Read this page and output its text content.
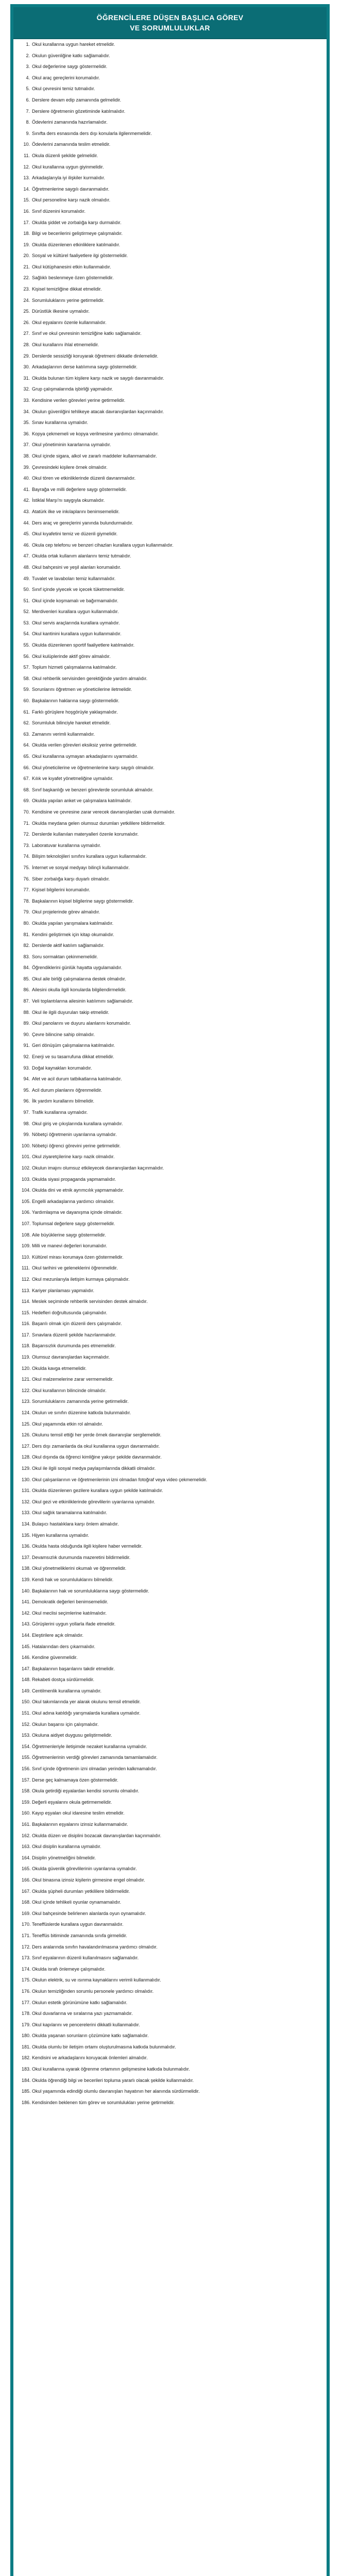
ÖĞRENCİLERE DÜŞEN BAŞLICA GÖREV
VE SORUMLULUKLAR
1. Okul kurallarına uygun hareket etmelidir.
2. Okulun güvenliğine katkı sağlamalıdır.
3. Okul değerlerine saygı göstermelidir.
4. Okul araç gereçlerini korumalıdır.
5. Okul çevresini temiz tutmalıdır.
6. Derslere devam edip zamanında gelmelidir.
7. Derslere öğretmenin gözetiminde katılmalıdır.
8. Ödevlerini zamanında hazırlamalıdır.
9. Sınıfta ders esnasında ders dışı konularla ilgilenmemelidir.
10. Ödevlerini zamanında teslim etmelidir.
11. Okula düzenli şekilde gelmelidir.
12. Okul kurallarına uygun giyinmelidir.
13. Arkadaşlarıyla iyi ilişkiler kurmalıdır.
14. Öğretmenlerine saygılı davranmalıdır.
15. Okul personeline karşı nazik olmalıdır.
16. Sınıf düzenini korumalıdır.
17. Okulda şiddet ve zorbalığa karşı durmalıdır.
18. Bilgi ve becerilerini geliştirmeye çalışmalıdır.
19. Okulda düzenlenen etkinliklere katılmalıdır.
20. Sosyal ve kültürel faaliyetlere ilgi göstermelidir.
21. Okul kütüphanesini etkin kullanmalıdır.
22. Sağlıklı beslenmeye özen göstermelidir.
23. Kişisel temizliğine dikkat etmelidir.
24. Sorumluluklarını yerine getirmelidir.
25. Dürüstlük ilkesine uymalıdır.
26. Okul eşyalarını özenle kullanmalıdır.
27. Sınıf ve okul çevresinin temizliğine katkı sağlamalıdır.
28. Okul kurallarını ihlal etmemelidir.
29. Derslerde sessizliği koruyarak öğretmeni dikkatle dinlemelidir.
30. Arkadaşlarının derse katılımına saygı göstermelidir.
31. Okulda bulunan tüm kişilere karşı nazik ve saygılı davranmalıdır.
32. Grup çalışmalarında işbirliği yapmalıdır.
33. Kendisine verilen görevleri yerine getirmelidir.
34. Okulun güvenliğini tehlikeye atacak davranışlardan kaçınmalıdır.
35. Sınav kurallarına uymalıdır.
36. Kopya çekmemeli ve kopya verilmesine yardımcı olmamalıdır.
37. Okul yönetiminin kararlarına uymalıdır.
38. Okul içinde sigara, alkol ve zararlı maddeler kullanmamalıdır.
39. Çevresindeki kişilere örnek olmalıdır.
40. Okul tören ve etkinliklerinde düzenli davranmalıdır.
41. Bayrağa ve milli değerlere saygı göstermelidir.
42. İstiklal Marşı'nı saygıyla okumalıdır.
43. Atatürk ilke ve inkılaplarını benimsemelidir.
44. Ders araç ve gereçlerini yanında bulundurmalıdır.
45. Okul kıyafetini temiz ve düzenli giymelidir.
46. Okula cep telefonu ve benzeri cihazları kurallara uygun kullanmalıdır.
47. Okulda ortak kullanım alanlarını temiz tutmalıdır.
48. Okul bahçesini ve yeşil alanları korumalıdır.
49. Tuvalet ve lavaboları temiz kullanmalıdır.
50. Sınıf içinde yiyecek ve içecek tüketmemelidir.
51. Okul içinde koşmamalı ve bağırmamalıdır.
52. Merdivenleri kurallara uygun kullanmalıdır.
53. Okul servis araçlarında kurallara uymalıdır.
54. Okul kantinini kurallara uygun kullanmalıdır.
55. Okulda düzenlenen sportif faaliyetlere katılmalıdır.
56. Okul kulüplerinde aktif görev almalıdır.
57. Toplum hizmeti çalışmalarına katılmalıdır.
58. Okul rehberlik servisinden gerektiğinde yardım almalıdır.
59. Sorunlarını öğretmen ve yöneticilerine iletmelidir.
60. Başkalarının haklarına saygı göstermelidir.
61. Farklı görüşlere hoşgörüyle yaklaşmalıdır.
62. Sorumluluk bilinciyle hareket etmelidir.
63. Zamanını verimli kullanmalıdır.
64. Okulda verilen görevleri eksiksiz yerine getirmelidir.
65. Okul kurallarına uymayan arkadaşlarını uyarmalıdır.
66. Okul yöneticilerine ve öğretmenlerine karşı saygılı olmalıdır.
67. Kılık ve kıyafet yönetmeliğine uymalıdır.
68. Sınıf başkanlığı ve benzeri görevlerde sorumluluk almalıdır.
69. Okulda yapılan anket ve çalışmalara katılmalıdır.
70. Kendisine ve çevresine zarar verecek davranışlardan uzak durmalıdır.
71. Okulda meydana gelen olumsuz durumları yetkililere bildirmelidir.
72. Derslerde kullanılan materyalleri özenle korumalıdır.
73. Laboratuvar kurallarına uymalıdır.
74. Bilişim teknolojileri sınıfını kurallara uygun kullanmalıdır.
75. İnternet ve sosyal medyayı bilinçli kullanmalıdır.
76. Siber zorbalığa karşı duyarlı olmalıdır.
77. Kişisel bilgilerini korumalıdır.
78. Başkalarının kişisel bilgilerine saygı göstermelidir.
79. Okul projelerinde görev almalıdır.
80. Okulda yapılan yarışmalara katılmalıdır.
81. Kendini geliştirmek için kitap okumalıdır.
82. Derslerde aktif katılım sağlamalıdır.
83. Soru sormaktan çekinmemelidir.
84. Öğrendiklerini günlük hayatta uygulamalıdır.
85. Okul aile birliği çalışmalarına destek olmalıdır.
86. Ailesini okulla ilgili konularda bilgilendirmelidir.
87. Veli toplantılarına ailesinin katılımını sağlamalıdır.
88. Okul ile ilgili duyuruları takip etmelidir.
89. Okul panolarını ve duyuru alanlarını korumalıdır.
90. Çevre bilincine sahip olmalıdır.
91. Geri dönüşüm çalışmalarına katılmalıdır.
92. Enerji ve su tasarrufuna dikkat etmelidir.
93. Doğal kaynakları korumalıdır.
94. Afet ve acil durum tatbikatlarına katılmalıdır.
95. Acil durum planlarını öğrenmelidir.
96. İlk yardım kurallarını bilmelidir.
97. Trafik kurallarına uymalıdır.
98. Okul giriş ve çıkışlarında kurallara uymalıdır.
99. Nöbetçi öğretmenin uyarılarına uymalıdır.
100. Nöbetçi öğrenci görevini yerine getirmelidir.
101. Okul ziyaretçilerine karşı nazik olmalıdır.
102. Okulun imajını olumsuz etkileyecek davranışlardan kaçınmalıdır.
103. Okulda siyasi propaganda yapmamalıdır.
104. Okulda dini ve etnik ayrımcılık yapmamalıdır.
105. Engelli arkadaşlarına yardımcı olmalıdır.
106. Yardımlaşma ve dayanışma içinde olmalıdır.
107. Toplumsal değerlere saygı göstermelidir.
108. Aile büyüklerine saygı göstermelidir.
109. Milli ve manevi değerleri korumalıdır.
110. Kültürel mirası korumaya özen göstermelidir.
111. Okul tarihini ve geleneklerini öğrenmelidir.
112. Okul mezunlarıyla iletişim kurmaya çalışmalıdır.
113. Kariyer planlaması yapmalıdır.
114. Meslek seçiminde rehberlik servisinden destek almalıdır.
115. Hedefleri doğrultusunda çalışmalıdır.
116. Başarılı olmak için düzenli ders çalışmalıdır.
117. Sınavlara düzenli şekilde hazırlanmalıdır.
118. Başarısızlık durumunda pes etmemelidir.
119. Olumsuz davranışlardan kaçınmalıdır.
120. Okulda kavga etmemelidir.
121. Okul malzemelerine zarar vermemelidir.
122. Okul kurallarının bilincinde olmalıdır.
123. Sorumluluklarını zamanında yerine getirmelidir.
124. Okulun ve sınıfın düzenine katkıda bulunmalıdır.
125. Okul yaşamında etkin rol almalıdır.
126. Okulunu temsil ettiği her yerde örnek davranışlar sergilemelidir.
127. Ders dışı zamanlarda da okul kurallarına uygun davranmalıdır.
128. Okul dışında da öğrenci kimliğine yakışır şekilde davranmalıdır.
129. Okul ile ilgili sosyal medya paylaşımlarında dikkatli olmalıdır.
130. Okul çalışanlarının ve öğretmenlerinin izni olmadan fotoğraf veya video çekmemelidir.
131. Okulda düzenlenen gezilere kurallara uygun şekilde katılmalıdır.
132. Okul gezi ve etkinliklerinde görevlilerin uyarılarına uymalıdır.
133. Okul sağlık taramalarına katılmalıdır.
134. Bulaşıcı hastalıklara karşı önlem almalıdır.
135. Hijyen kurallarına uymalıdır.
136. Okulda hasta olduğunda ilgili kişilere haber vermelidir.
137. Devamsızlık durumunda mazeretini bildirmelidir.
138. Okul yönetmeliklerini okumalı ve öğrenmelidir.
139. Kendi hak ve sorumluluklarını bilmelidir.
140. Başkalarının hak ve sorumluluklarına saygı göstermelidir.
141. Demokratik değerleri benimsemelidir.
142. Okul meclisi seçimlerine katılmalıdır.
143. Görüşlerini uygun yollarla ifade etmelidir.
144. Eleştirilere açık olmalıdır.
145. Hatalarından ders çıkarmalıdır.
146. Kendine güvenmelidir.
147. Başkalarının başarılarını takdir etmelidir.
148. Rekabeti dostça sürdürmelidir.
149. Centilmenlik kurallarına uymalıdır.
150. Okul takımlarında yer alarak okulunu temsil etmelidir.
151. Okul adına katıldığı yarışmalarda kurallara uymalıdır.
152. Okulun başarısı için çalışmalıdır.
153. Okuluna aidiyet duygusu geliştirmelidir.
154. Öğretmenleriyle iletişimde nezaket kurallarına uymalıdır.
155. Öğretmenlerinin verdiği görevleri zamanında tamamlamalıdır.
156. Sınıf içinde öğretmenin izni olmadan yerinden kalkmamalıdır.
157. Derse geç kalmamaya özen göstermelidir.
158. Okula getirdiği eşyalardan kendisi sorumlu olmalıdır.
159. Değerli eşyalarını okula getirmemelidir.
160. Kayıp eşyaları okul idaresine teslim etmelidir.
161. Başkalarının eşyalarını izinsiz kullanmamalıdır.
162. Okulda düzen ve disiplini bozacak davranışlardan kaçınmalıdır.
163. Okul disiplin kurallarına uymalıdır.
164. Disiplin yönetmeliğini bilmelidir.
165. Okulda güvenlik görevlilerinin uyarılarına uymalıdır.
166. Okul binasına izinsiz kişilerin girmesine engel olmalıdır.
167. Okulda şüpheli durumları yetkililere bildirmelidir.
168. Okul içinde tehlikeli oyunlar oynamamalıdır.
169. Okul bahçesinde belirlenen alanlarda oyun oynamalıdır.
170. Teneffüslerde kurallara uygun davranmalıdır.
171. Teneffüs bitiminde zamanında sınıfa girmelidir.
172. Ders aralarında sınıfın havalandırılmasına yardımcı olmalıdır.
173. Sınıf eşyalarının düzenli kullanılmasını sağlamalıdır.
174. Okulda israfı önlemeye çalışmalıdır.
175. Okulun elektrik, su ve ısınma kaynaklarını verimli kullanmalıdır.
176. Okulun temizliğinden sorumlu personele yardımcı olmalıdır.
177. Okulun estetik görünümüne katkı sağlamalıdır.
178. Okul duvarlarına ve sıralarına yazı yazmamalıdır.
179. Okul kapılarını ve pencerelerini dikkatli kullanmalıdır.
180. Okulda yaşanan sorunların çözümüne katkı sağlamalıdır.
181. Okulda olumlu bir iletişim ortamı oluşturulmasına katkıda bulunmalıdır.
182. Kendisini ve arkadaşlarını koruyacak önlemleri almalıdır.
183. Okul kurallarına uyarak öğrenme ortamının gelişmesine katkıda bulunmalıdır.
184. Okulda öğrendiği bilgi ve becerileri topluma yararlı olacak şekilde kullanmalıdır.
185. Okul yaşamında edindiği olumlu davranışları hayatının her alanında sürdürmelidir.
186. Kendisinden beklenen tüm görev ve sorumlulukları yerine getirmelidir.
